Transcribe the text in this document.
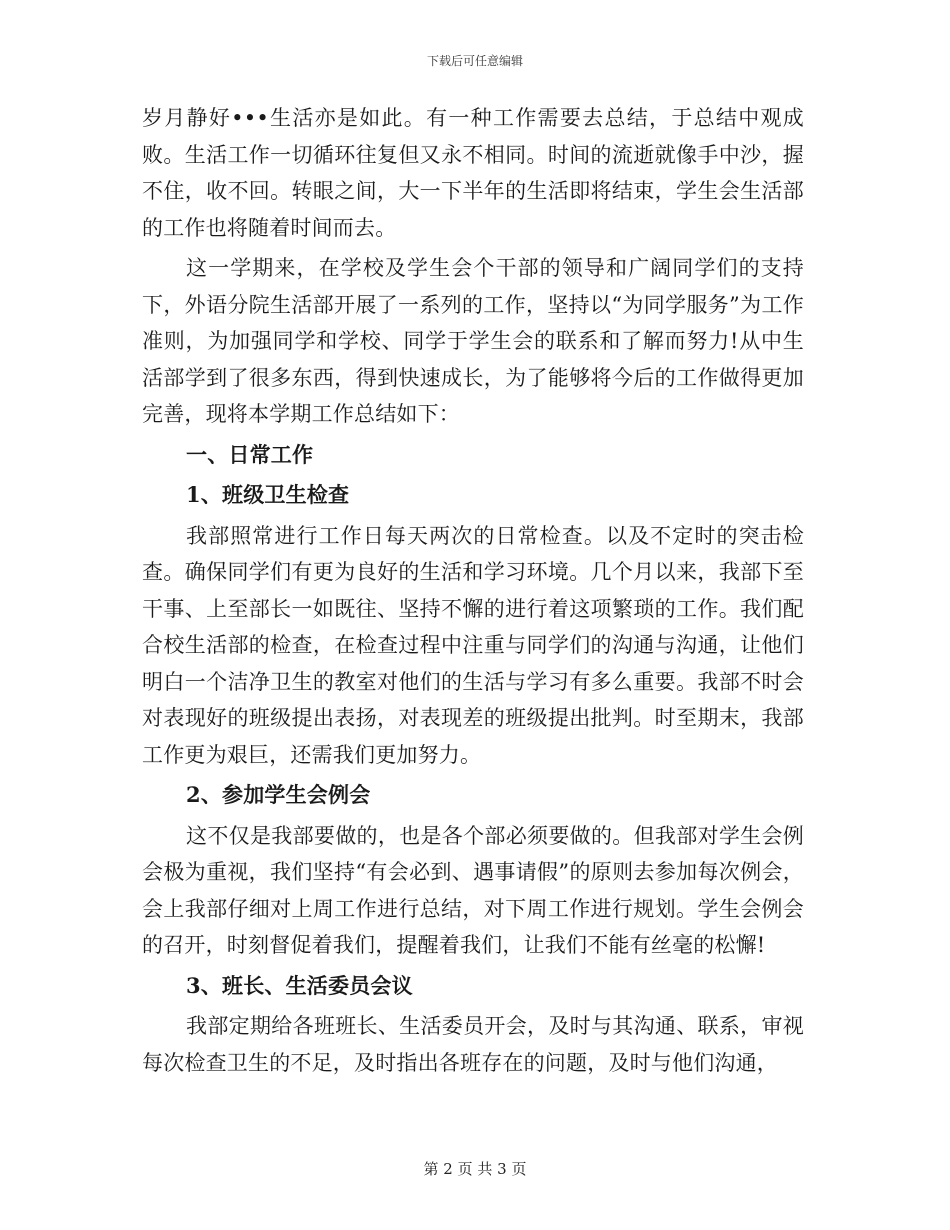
下载后可任意编辑

岁月静好•••生活亦是如此。有一种工作需要去总结，于总结中观成败。生活工作一切循环往复但又永不相同。时间的流逝就像手中沙，握不住，收不回。转眼之间，大一下半年的生活即将结束，学生会生活部的工作也将随着时间而去。

这一学期来，在学校及学生会个干部的领导和广阔同学们的支持下，外语分院生活部开展了一系列的工作，坚持以“为同学服务”为工作准则，为加强同学和学校、同学于学生会的联系和了解而努力!从中生活部学到了很多东西，得到快速成长，为了能够将今后的工作做得更加完善，现将本学期工作总结如下：

一、日常工作

1、班级卫生检查

我部照常进行工作日每天两次的日常检查。以及不定时的突击检查。确保同学们有更为良好的生活和学习环境。几个月以来，我部下至干事、上至部长一如既往、坚持不懈的进行着这项繁琐的工作。我们配合校生活部的检查，在检查过程中注重与同学们的沟通与沟通，让他们明白一个洁净卫生的教室对他们的生活与学习有多么重要。我部不时会对表现好的班级提出表扬，对表现差的班级提出批判。时至期末，我部工作更为艰巨，还需我们更加努力。

2、参加学生会例会

这不仅是我部要做的，也是各个部必须要做的。但我部对学生会例会极为重视，我们坚持“有会必到、遇事请假”的原则去参加每次例会，会上我部仔细对上周工作进行总结，对下周工作进行规划。学生会例会的召开，时刻督促着我们，提醒着我们，让我们不能有丝毫的松懈!

3、班长、生活委员会议

我部定期给各班班长、生活委员开会，及时与其沟通、联系，审视每次检查卫生的不足，及时指出各班存在的问题，及时与他们沟通，

第 2 页 共 3 页
